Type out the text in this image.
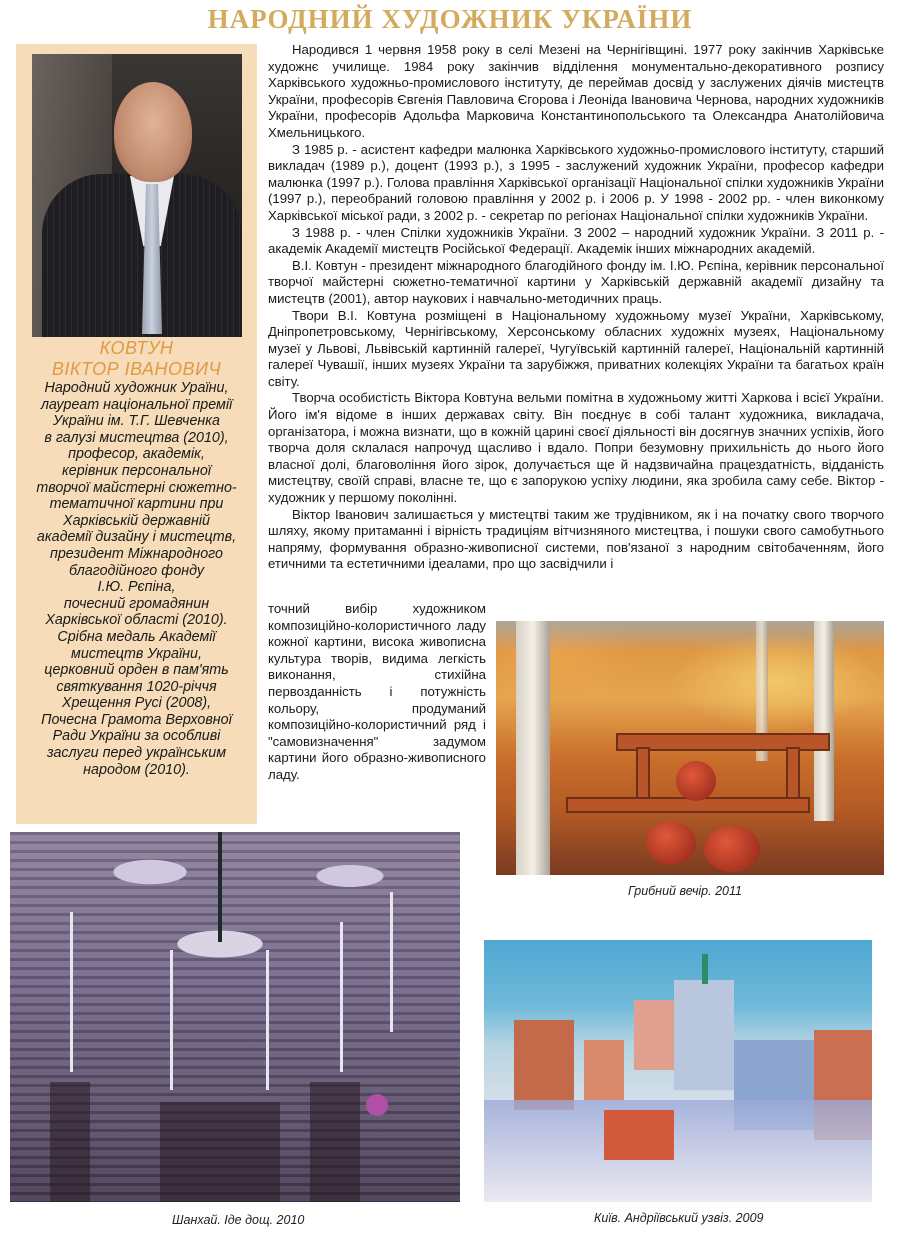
НАРОДНИЙ ХУДОЖНИК УКРАЇНИ
КОВТУН
ВІКТОР ІВАНОВИЧ
Народний художник Ураїни,
лауреат національної премії
України ім. Т.Г. Шевченка
в галузі мистецтва (2010),
професор, академік,
керівник персональної
творчої майстерні сюжетно-
тематичної картини при
Харківській державній
академії дизайну і мистецтв,
президент Міжнародного
благодійного фонду
І.Ю. Рєпіна,
почесний громадянин
Харківської області (2010).
Срібна медаль Академії
мистецтв України,
церковний орден в пам'ять
святкування 1020-річчя
Хрещення Русі (2008),
Почесна Грамота Верховної
Ради України за особливі
заслуги перед українським
народом (2010).

Народився 1 червня 1958 року в селі Мезені на Чернігівщині. 1977 року закінчив Харківське художнє училище. 1984 року закінчив відділення монументально-декоративного розпису Харківського художньо-промислового інституту, де переймав досвід у заслужених діячів мистецтв України, професорів Євгенія Павловича Єгорова і Леоніда Івановича Чернова, народних художників України, професорів Адольфа Марковича Константинопольського та Олександра Анатолійовича Хмельницького.

З 1985 р. - асистент кафедри малюнка Харківського художньо-промислового інституту, старший викладач (1989 р.), доцент (1993 р.), з 1995 - заслужений художник України, професор кафедри малюнка (1997 р.). Голова правління Харківської організації Національної спілки художників України (1997 р.), переобраний головою правління у 2002 р. і 2006 р. У 1998 - 2002 рр. - член виконкому Харківської міської ради, з 2002 р. - секретар по регіонах Національної спілки художників України.

З 1988 р. - член Спілки художників України. З 2002 – народний художник України. З 2011 р. - академік Академії мистецтв Російської Федерації. Академік інших міжнародних академій.

В.І. Ковтун - президент міжнародного благодійного фонду ім. І.Ю. Рєпіна, керівник персональної творчої майстерні сюжетно-тематичної картини у Харківській державній академії дизайну та мистецтв (2001), автор наукових і навчально-методичних праць.

Твори В.І. Ковтуна розміщені в Національному художньому музеї України, Харківському, Дніпропетровському, Чернігівському, Херсонському обласних художніх музеях, Національному музеї у Львові, Львівській картинній галереї, Чугуївській картинній галереї, Національній картинній галереї Чувашії, інших музеях України та зарубіжжя, приватних колекціях України та багатьох країн світу.

Творча особистість Віктора Ковтуна вельми помітна в художньому житті Харкова і всієї України. Його ім'я відоме в інших державах світу. Він поєднує в собі талант художника, викладача, організатора, і можна визнати, що в кожній царині своєї діяльності він досягнув значних успіхів, його творча доля склалася напрочуд щасливо і вдало. Попри безумовну прихильність до нього його власної долі, благовоління його зірок, долучається ще й надзвичайна працездатність, відданість мистецтву, своїй справі, власне те, що є запорукою успіху людини, яка зробила саму себе. Віктор - художник у першому поколінні.

Віктор Іванович залишається у мистецтві таким же трудівником, як і на початку свого творчого шляху, якому притаманні і вірність традиціям вітчизняного мистецтва, і пошуки свого самобутнього напряму, формування образно-живописної системи, пов'язаної з народним світобаченням, його етичними та естетичними ідеалами, про що засвідчили і

точний вибір художником композиційно-колористичного ладу кожної картини, висока живописна культура творів, видима легкість виконання, стихійна первозданність і потужність кольору, продуманий композиційно-колористичний ряд і "самовизначення" задумом картини його образно-живописного ладу.
Грибний вечір. 2011
Шанхай. Іде дощ. 2010	Київ. Андріївський узвіз. 2009
